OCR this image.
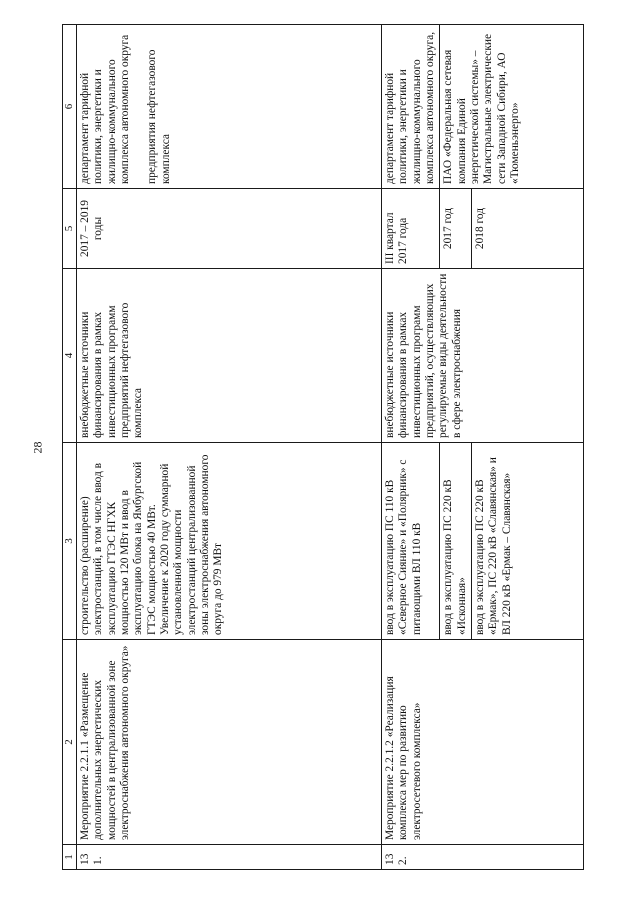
28
1	2	3	4	5	6
131.	Мероприятие 2.2.1.1 «Размещение дополнительных энергетических мощностей в централизованной зоне электроснабжения автономного округа»	строительство (расширение) электростанций, в том числе ввод в эксплуатацию ГТЭС НГХК мощностью 120 МВт и ввод в эксплуатацию блока на Ямбургской ГТЭС мощностью 40 МВт. Увеличение к 2020 году суммарной установленной мощности электростанций централизованной зоны электроснабжения автономного округа до 979 МВт	внебюджетные источники финансирования в рамках инвестиционных программ предприятий нефтегазового комплекса	2017 – 2019 годы	департамент тарифной политики, энергетики и жилищно-коммунального комплекса автономного округа предприятия нефтегазового комплекса

132.	Мероприятие 2.2.1.2 «Реализация комплекса мер по развитию электросетевого комплекса»	ввод в эксплуатацию ПС 110 кВ «Северное Сияние» и «Полярник» с питающими ВЛ 110 кВ	внебюджетные источники финансирования в рамках инвестиционных программ предприятий, осуществляющих регулируемые виды деятельности в сфере электроснабжения	III квартал 2017 года	департамент тарифной политики, энергетики и жилищно-коммунального комплекса автономного округа,
		ввод в эксплуатацию ПС 220 кВ «Исконная»		2017 год	ПАО «Федеральная сетевая компания Единой энергетической системы» – Магистральные электрические сети Западной Сибири, АО «Тюменьэнерго»
		ввод в эксплуатацию ПС 220 кВ «Ермак», ПС 220 кВ «Славянская» и ВЛ 220 кВ «Ермак – Славянская»		2018 год	
